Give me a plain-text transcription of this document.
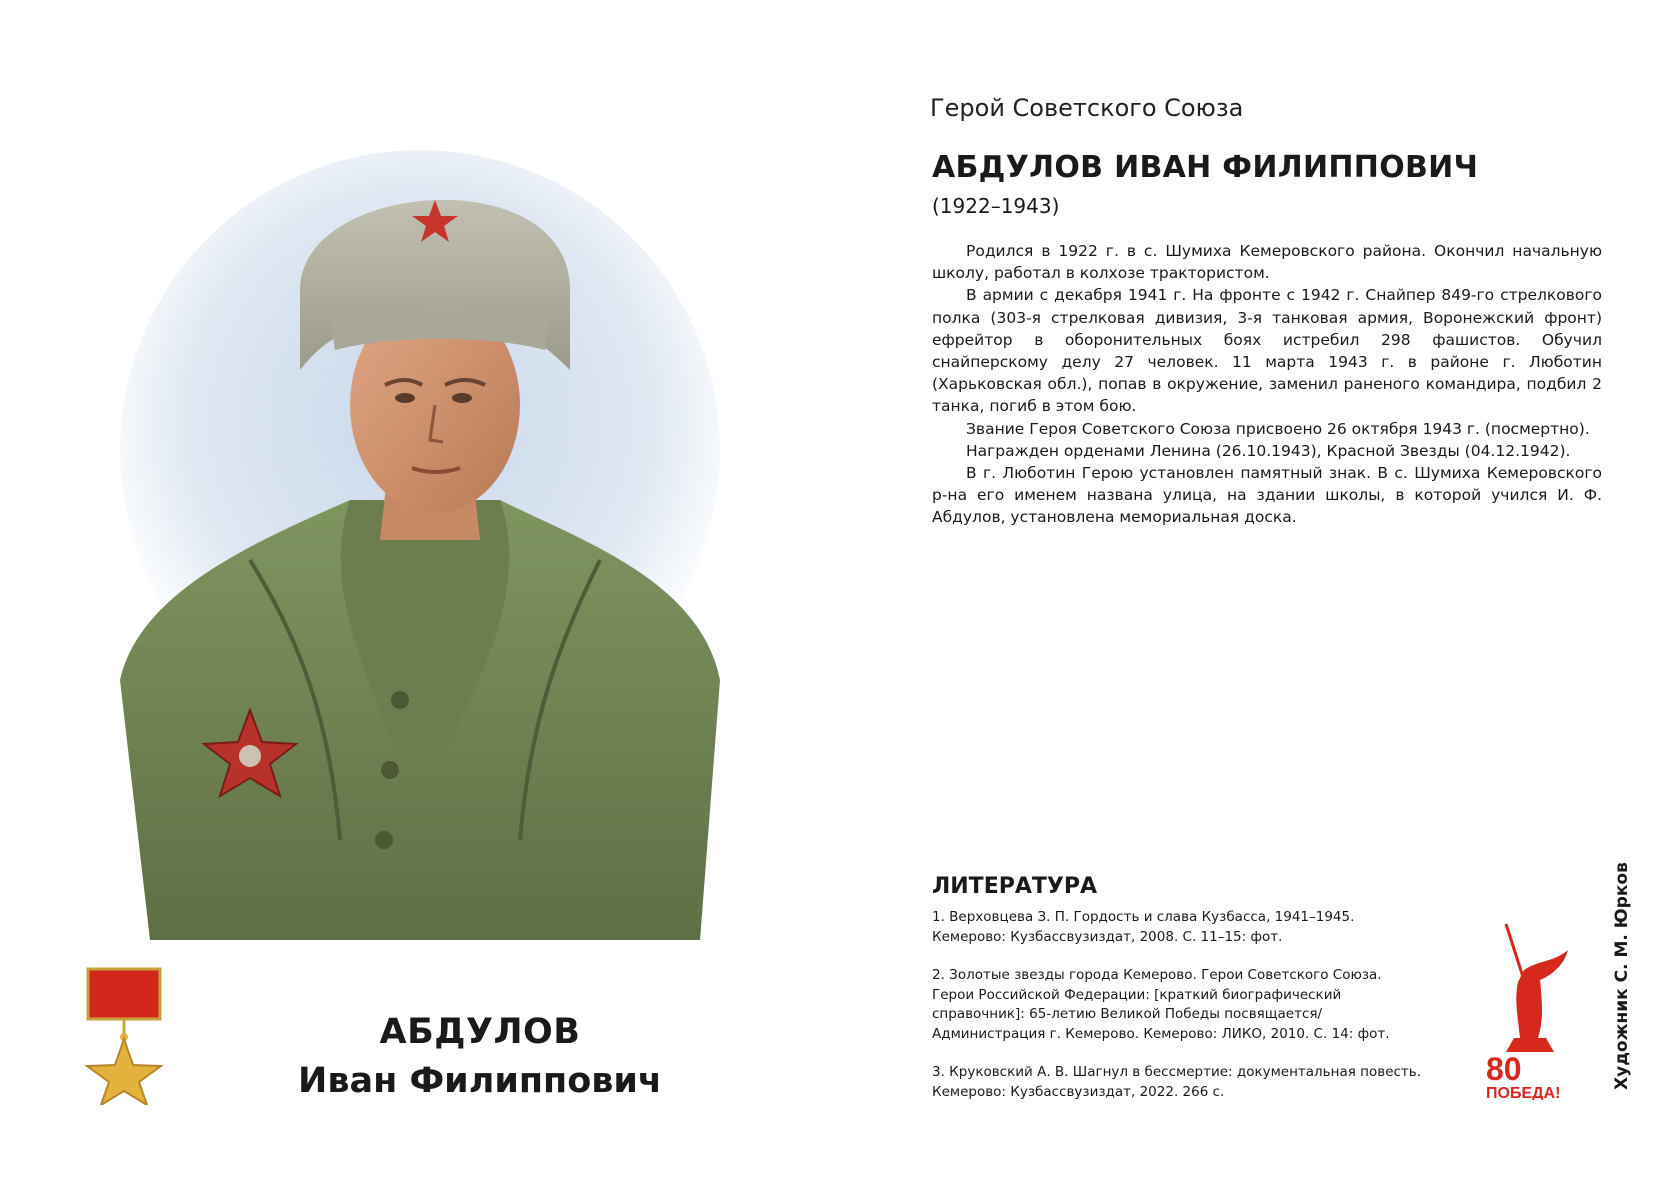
АБДУЛОВ
Иван Филиппович
Герой Советского Союза
АБДУЛОВ ИВАН ФИЛИППОВИЧ
(1922–1943)

Родился в 1922 г. в с. Шумиха Кемеровского района. Окончил начальную школу, работал в колхозе трактористом.

В армии с декабря 1941 г. На фронте с 1942 г. Снайпер 849-го стрелкового полка (303-я стрелковая дивизия, 3-я танковая армия, Воронежский фронт) ефрейтор в оборонительных боях истребил 298 фашистов. Обучил снайперскому делу 27 человек. 11 марта 1943 г. в районе г. Люботин (Харьковская обл.), попав в окружение, заменил раненого командира, подбил 2 танка, погиб в этом бою.

Звание Героя Советского Союза присвоено 26 октября 1943 г. (посмертно).

Награжден орденами Ленина (26.10.1943), Красной Звезды (04.12.1942).

В г. Люботин Герою установлен памятный знак. В с. Шумиха Кемеровского р-на его именем названа улица, на здании школы, в которой учился И. Ф. Абдулов, установлена мемориальная доска.

ЛИТЕРАТУРА

1. Верховцева З. П. Гордость и слава Кузбасса, 1941–1945. Кемерово: Кузбассвузиздат, 2008. С. 11–15: фот.

2. Золотые звезды города Кемерово. Герои Советского Союза. Герои Российской Федерации: [краткий биографический справочник]: 65-летию Великой Победы посвящается/Администрация г. Кемерово. Кемерово: ЛИКО, 2010. С. 14: фот.

3. Круковский А. В. Шагнул в бессмертие: документальная повесть. Кемерово: Кузбассвузиздат, 2022. 266 с.

80
ПОБЕДА!
Художник С. М. Юрков
